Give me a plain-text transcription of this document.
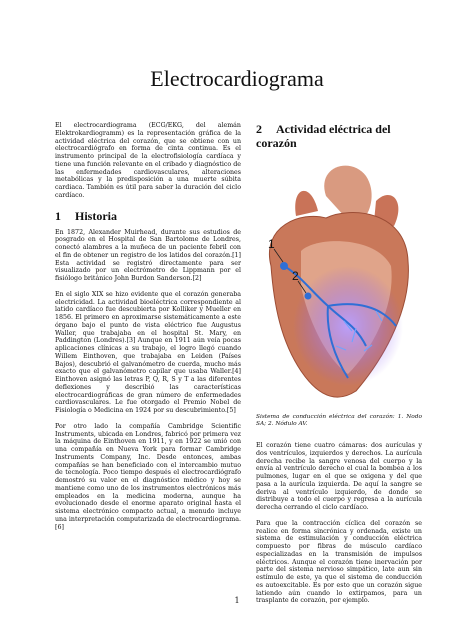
Electrocardiograma

El electrocardiograma (ECG/EKG, del alemán Elektrokardiogramm) es la representación gráfica de la actividad eléctrica del corazón, que se obtiene con un electrocardiógrafo en forma de cinta continua. Es el instrumento principal de la electrofisiología cardíaca y tiene una función relevante en el cribado y diagnóstico de las enfermedades cardiovasculares, alteraciones metabólicas y la predisposición a una muerte súbita cardiaca. También es útil para saber la duración del ciclo cardíaco.

1 Historia

En 1872, Alexander Muirhead, durante sus estudios de posgrado en el Hospital de San Bartolome de Londres, conectó alambres a la muñeca de un paciente febril con el fin de obtener un registro de los latidos del corazón.[1] Esta actividad se registró directamente para ser visualizado por un electrómetro de Lippmann por el fisiólogo británico John Burdon Sanderson.[2]

En el siglo XIX se hizo evidente que el corazón generaba electricidad. La actividad bioeléctrica correspondiente al latido cardíaco fue descubierta por Kolliker y Mueller en 1856. El primero en aproximarse sistemáticamente a este órgano bajo el punto de vista eléctrico fue Augustus Waller, que trabajaba en el hospital St. Mary, en Paddington (Londres).[3] Aunque en 1911 aún veía pocas aplicaciones clínicas a su trabajo, el logro llegó cuando Willem Einthoven, que trabajaba en Leiden (Países Bajos), descubrió el galvanómetro de cuerda, mucho más exacto que el galvanómetro capilar que usaba Waller.[4] Einthoven asignó las letras P, Q, R, S y T a las diferentes deflexiones y describió las características electrocardiográficas de gran número de enfermedades cardiovasculares. Le fue otorgado el Premio Nobel de Fisiología o Medicina en 1924 por su descubrimiento.[5]

Por otro lado la compañía Cambridge Scientific Instruments, ubicada en Londres, fabricó por primera vez la máquina de Einthoven en 1911, y en 1922 se unió con una compañía en Nueva York para formar Cambridge Instruments Company, Inc. Desde entonces, ambas compañías se han beneficiado con el intercambio mutuo de tecnología. Poco tiempo después el electrocardiógrafo demostró su valor en el diagnóstico médico y hoy se mantiene como uno de los instrumentos electrónicos más empleados en la medicina moderna, aunque ha evolucionado desde el enorme aparato original hasta el sistema electrónico compacto actual, a menudo incluye una interpretación computarizada de electrocardiograma.[6]

2 Actividad eléctrica del corazón
1
2

Sistema de conducción eléctrica del corazón: 1. Nodo SA; 2. Nódulo AV.

El corazón tiene cuatro cámaras: dos aurículas y dos ventrículos, izquierdos y derechos. La aurícula derecha recibe la sangre venosa del cuerpo y la envía al ventrículo derecho el cual la bombea a los pulmones, lugar en el que se oxigena y del que pasa a la aurícula izquierda. De aquí la sangre se deriva al ventrículo izquierdo, de donde se distribuye a todo el cuerpo y regresa a la aurícula derecha cerrando el ciclo cardíaco.

Para que la contracción cíclica del corazón se realice en forma sincrónica y ordenada, existe un sistema de estimulación y conducción eléctrica compuesto por fibras de músculo cardíaco especializadas en la transmisión de impulsos eléctricos. Aunque el corazón tiene inervación por parte del sistema nervioso simpático, late aun sin estímulo de este, ya que el sistema de conducción es autoexcitable. Es por esto que un corazón sigue latiendo aún cuando lo extirpamos, para un trasplante de corazón, por ejemplo.

1
